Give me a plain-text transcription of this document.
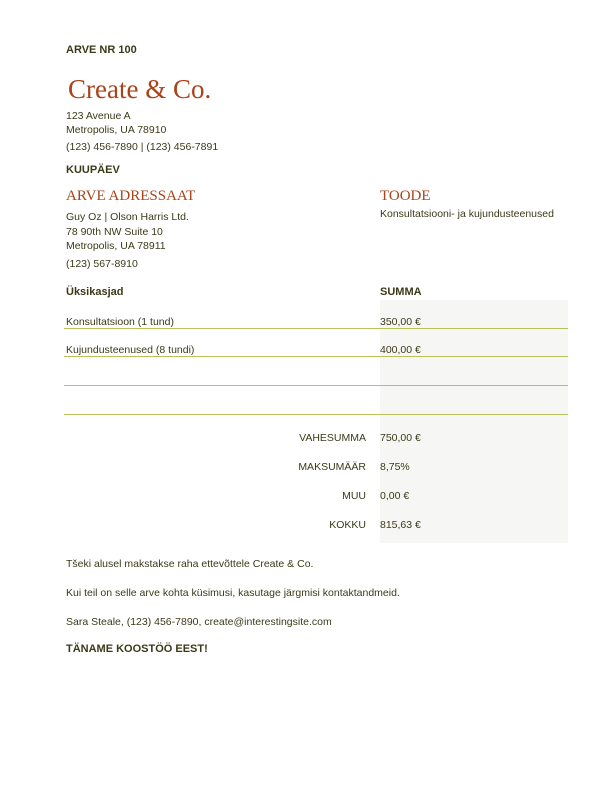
ARVE NR 100
Create & Co.
123 Avenue A
Metropolis, UA 78910
(123) 456-7890 | (123) 456-7891
KUUPÄEV
ARVE ADRESSAAT
Guy Oz | Olson Harris Ltd.
78 90th NW Suite 10
Metropolis, UA 78911
(123) 567-8910
TOODE
Konsultatsiooni- ja kujundusteenused
Üksikasjad	SUMMA
Konsultatsioon (1 tund)	350,00 €
Kujundusteenused (8 tundi)	400,00 €
VAHESUMMA 750,00 €
MAKSUMÄÄR 8,75%
MUU 0,00 €
KOKKU 815,63 €
Tšeki alusel makstakse raha ettevõttele Create & Co.
Kui teil on selle arve kohta küsimusi, kasutage järgmisi kontaktandmeid.
Sara Steale, (123) 456-7890, create@interestingsite.com
TÄNAME KOOSTÖÖ EEST!
